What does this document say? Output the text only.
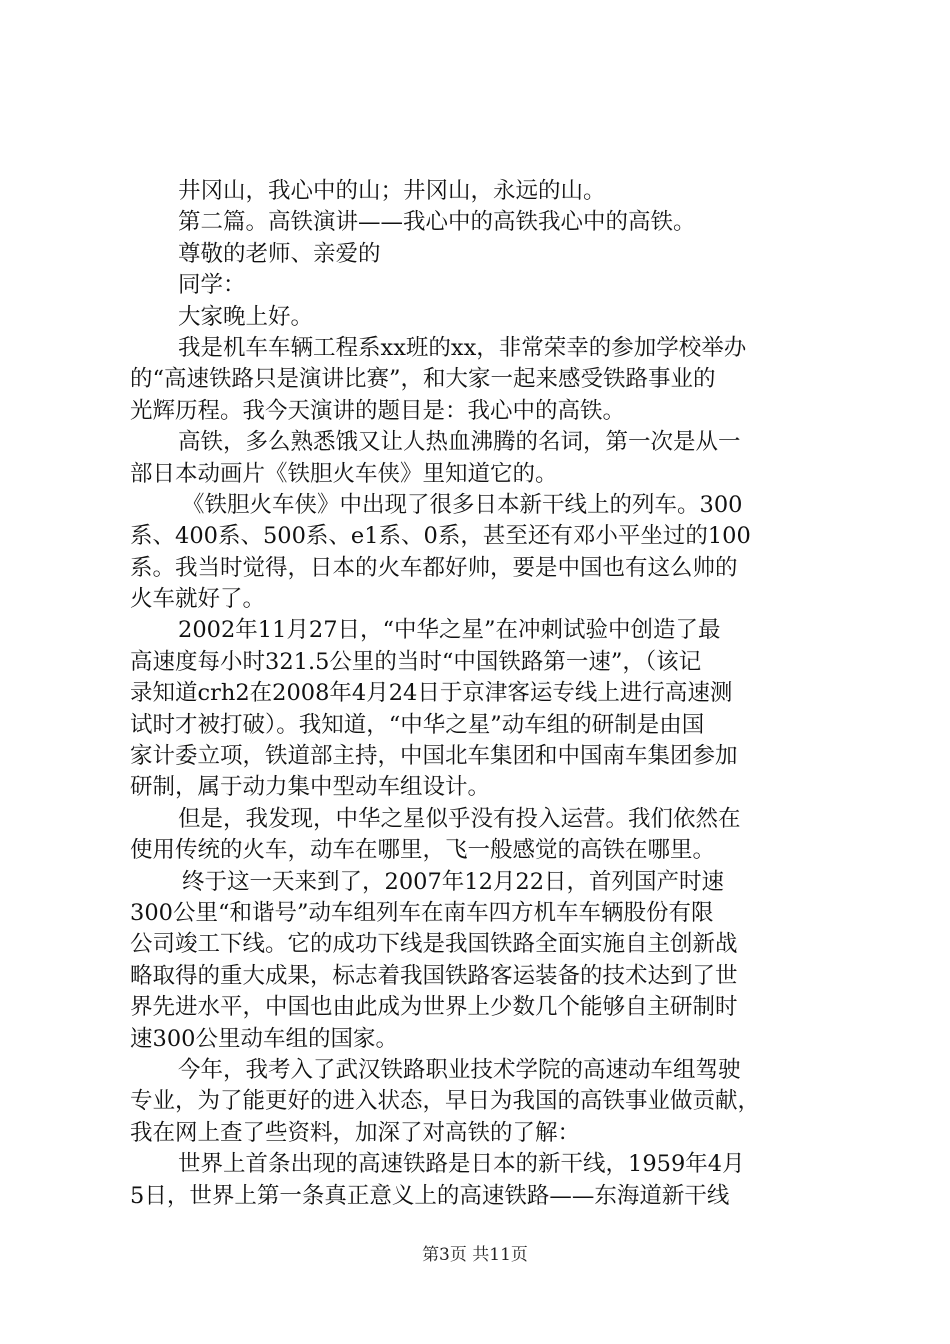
井冈山，我心中的山；井冈山，永远的山。
第二篇。高铁演讲——我心中的高铁我心中的高铁。
尊敬的老师、亲爱的
同学：
大家晚上好。
我是机车车辆工程系xx班的xx，非常荣幸的参加学校举办
的“高速铁路只是演讲比赛”，和大家一起来感受铁路事业的
光辉历程。我今天演讲的题目是：我心中的高铁。
高铁，多么熟悉饿又让人热血沸腾的名词，第一次是从一
部日本动画片《铁胆火车侠》里知道它的。
《铁胆火车侠》中出现了很多日本新干线上的列车。300
系、400系、500系、e1系、0系，甚至还有邓小平坐过的100
系。我当时觉得，日本的火车都好帅，要是中国也有这么帅的
火车就好了。
2002年11月27日，“中华之星”在冲刺试验中创造了最
高速度每小时321.5公里的当时“中国铁路第一速”，（该记
录知道crh2在2008年4月24日于京津客运专线上进行高速测
试时才被打破）。我知道，“中华之星”动车组的研制是由国
家计委立项，铁道部主持，中国北车集团和中国南车集团参加
研制，属于动力集中型动车组设计。
但是，我发现，中华之星似乎没有投入运营。我们依然在
使用传统的火车，动车在哪里，飞一般感觉的高铁在哪里。
终于这一天来到了，2007年12月22日，首列国产时速
300公里“和谐号”动车组列车在南车四方机车车辆股份有限
公司竣工下线。它的成功下线是我国铁路全面实施自主创新战
略取得的重大成果，标志着我国铁路客运装备的技术达到了世
界先进水平，中国也由此成为世界上少数几个能够自主研制时
速300公里动车组的国家。
今年，我考入了武汉铁路职业技术学院的高速动车组驾驶
专业，为了能更好的进入状态，早日为我国的高铁事业做贡献，
我在网上查了些资料，加深了对高铁的了解：
世界上首条出现的高速铁路是日本的新干线，1959年4月
5日，世界上第一条真正意义上的高速铁路——东海道新干线
第3页 共11页
